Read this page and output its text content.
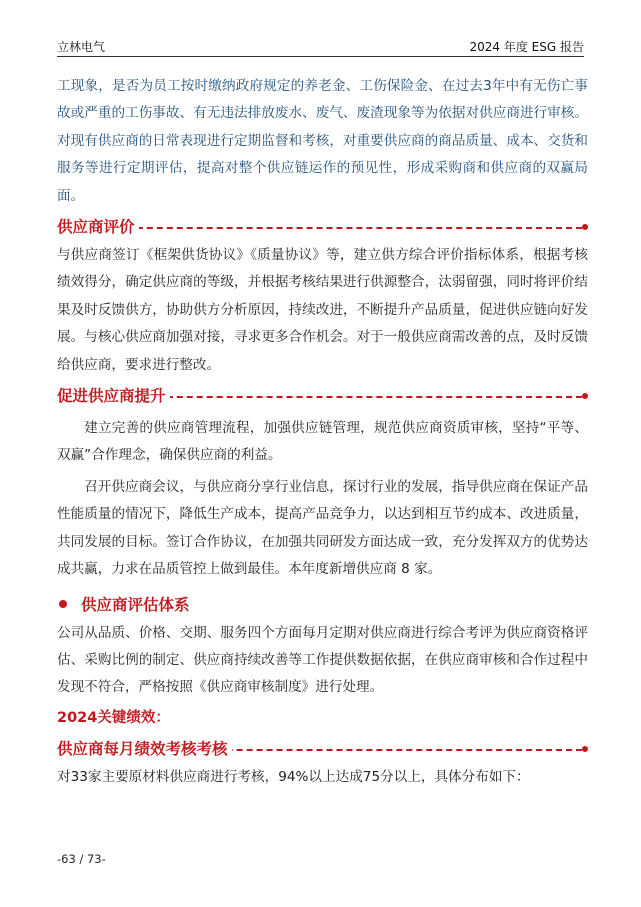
立林电气	2024 年度 ESG 报告

工现象，是否为员工按时缴纳政府规定的养老金、工伤保险金、在过去3年中有无伤亡事故或严重的工伤事故、有无违法排放废水、废气、废渣现象等为依据对供应商进行审核。对现有供应商的日常表现进行定期监督和考核，对重要供应商的商品质量、成本、交货和服务等进行定期评估，提高对整个供应链运作的预见性，形成采购商和供应商的双赢局面。

供应商评价

与供应商签订《框架供货协议》《质量协议》等，建立供方综合评价指标体系，根据考核绩效得分，确定供应商的等级，并根据考核结果进行供源整合，汰弱留强，同时将评价结果及时反馈供方，协助供方分析原因，持续改进，不断提升产品质量，促进供应链向好发展。与核心供应商加强对接，寻求更多合作机会。对于一般供应商需改善的点，及时反馈给供应商，要求进行整改。

促进供应商提升

建立完善的供应商管理流程，加强供应链管理，规范供应商资质审核，坚持“平等、双赢”合作理念，确保供应商的利益。

召开供应商会议，与供应商分享行业信息，探讨行业的发展，指导供应商在保证产品性能质量的情况下，降低生产成本，提高产品竞争力，以达到相互节约成本、改进质量，共同发展的目标。签订合作协议，在加强共同研发方面达成一致，充分发挥双方的优势达成共赢，力求在品质管控上做到最佳。本年度新增供应商 8 家。

供应商评估体系

公司从品质、价格、交期、服务四个方面每月定期对供应商进行综合考评为供应商资格评估、采购比例的制定、供应商持续改善等工作提供数据依据，在供应商审核和合作过程中发现不符合，严格按照《供应商审核制度》进行处理。

2024关键绩效：
供应商每月绩效考核考核

对33家主要原材料供应商进行考核，94%以上达成75分以上，具体分布如下：

-63 / 73-
